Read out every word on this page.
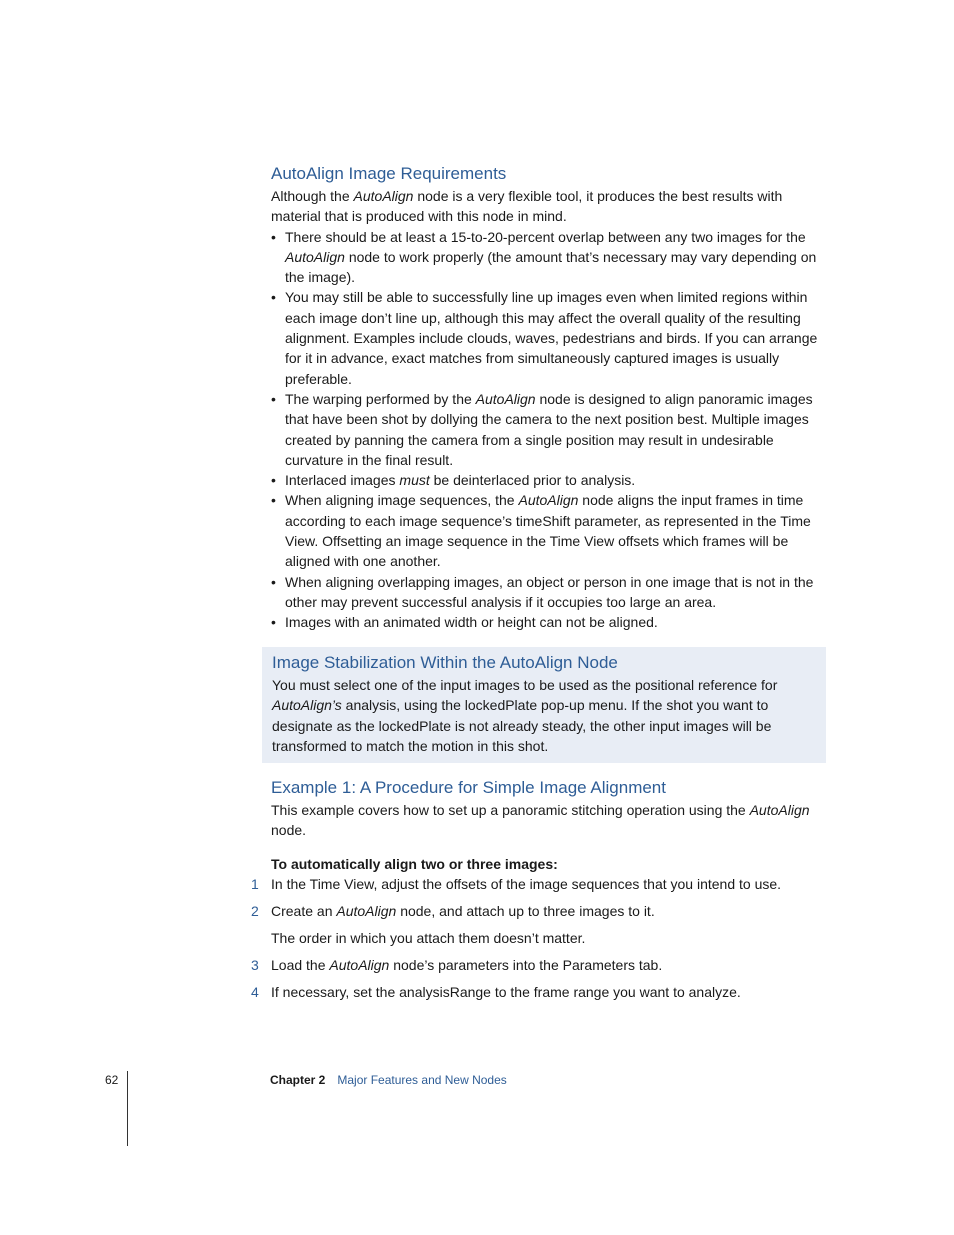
AutoAlign Image Requirements

Although the AutoAlign node is a very flexible tool, it produces the best results with material that is produced with this node in mind.

• There should be at least a 15-to-20-percent overlap between any two images for the AutoAlign node to work properly (the amount that’s necessary may vary depending on the image).
• You may still be able to successfully line up images even when limited regions within each image don’t line up, although this may affect the overall quality of the resulting alignment. Examples include clouds, waves, pedestrians and birds. If you can arrange for it in advance, exact matches from simultaneously captured images is usually preferable.
• The warping performed by the AutoAlign node is designed to align panoramic images that have been shot by dollying the camera to the next position best. Multiple images created by panning the camera from a single position may result in undesirable curvature in the final result.
• Interlaced images must be deinterlaced prior to analysis.
• When aligning image sequences, the AutoAlign node aligns the input frames in time according to each image sequence’s timeShift parameter, as represented in the Time View. Offsetting an image sequence in the Time View offsets which frames will be aligned with one another.
• When aligning overlapping images, an object or person in one image that is not in the other may prevent successful analysis if it occupies too large an area.
• Images with an animated width or height can not be aligned.
Image Stabilization Within the AutoAlign Node

You must select one of the input images to be used as the positional reference for AutoAlign’s analysis, using the lockedPlate pop-up menu. If the shot you want to designate as the lockedPlate is not already steady, the other input images will be transformed to match the motion in this shot.

Example 1: A Procedure for Simple Image Alignment

This example covers how to set up a panoramic stitching operation using the AutoAlign node.

To automatically align two or three images:
1 In the Time View, adjust the offsets of the image sequences that you intend to use.
2 Create an AutoAlign node, and attach up to three images to it.
The order in which you attach them doesn’t matter.
3 Load the AutoAlign node’s parameters into the Parameters tab.
4 If necessary, set the analysisRange to the frame range you want to analyze.
62	Chapter 2 Major Features and New Nodes
